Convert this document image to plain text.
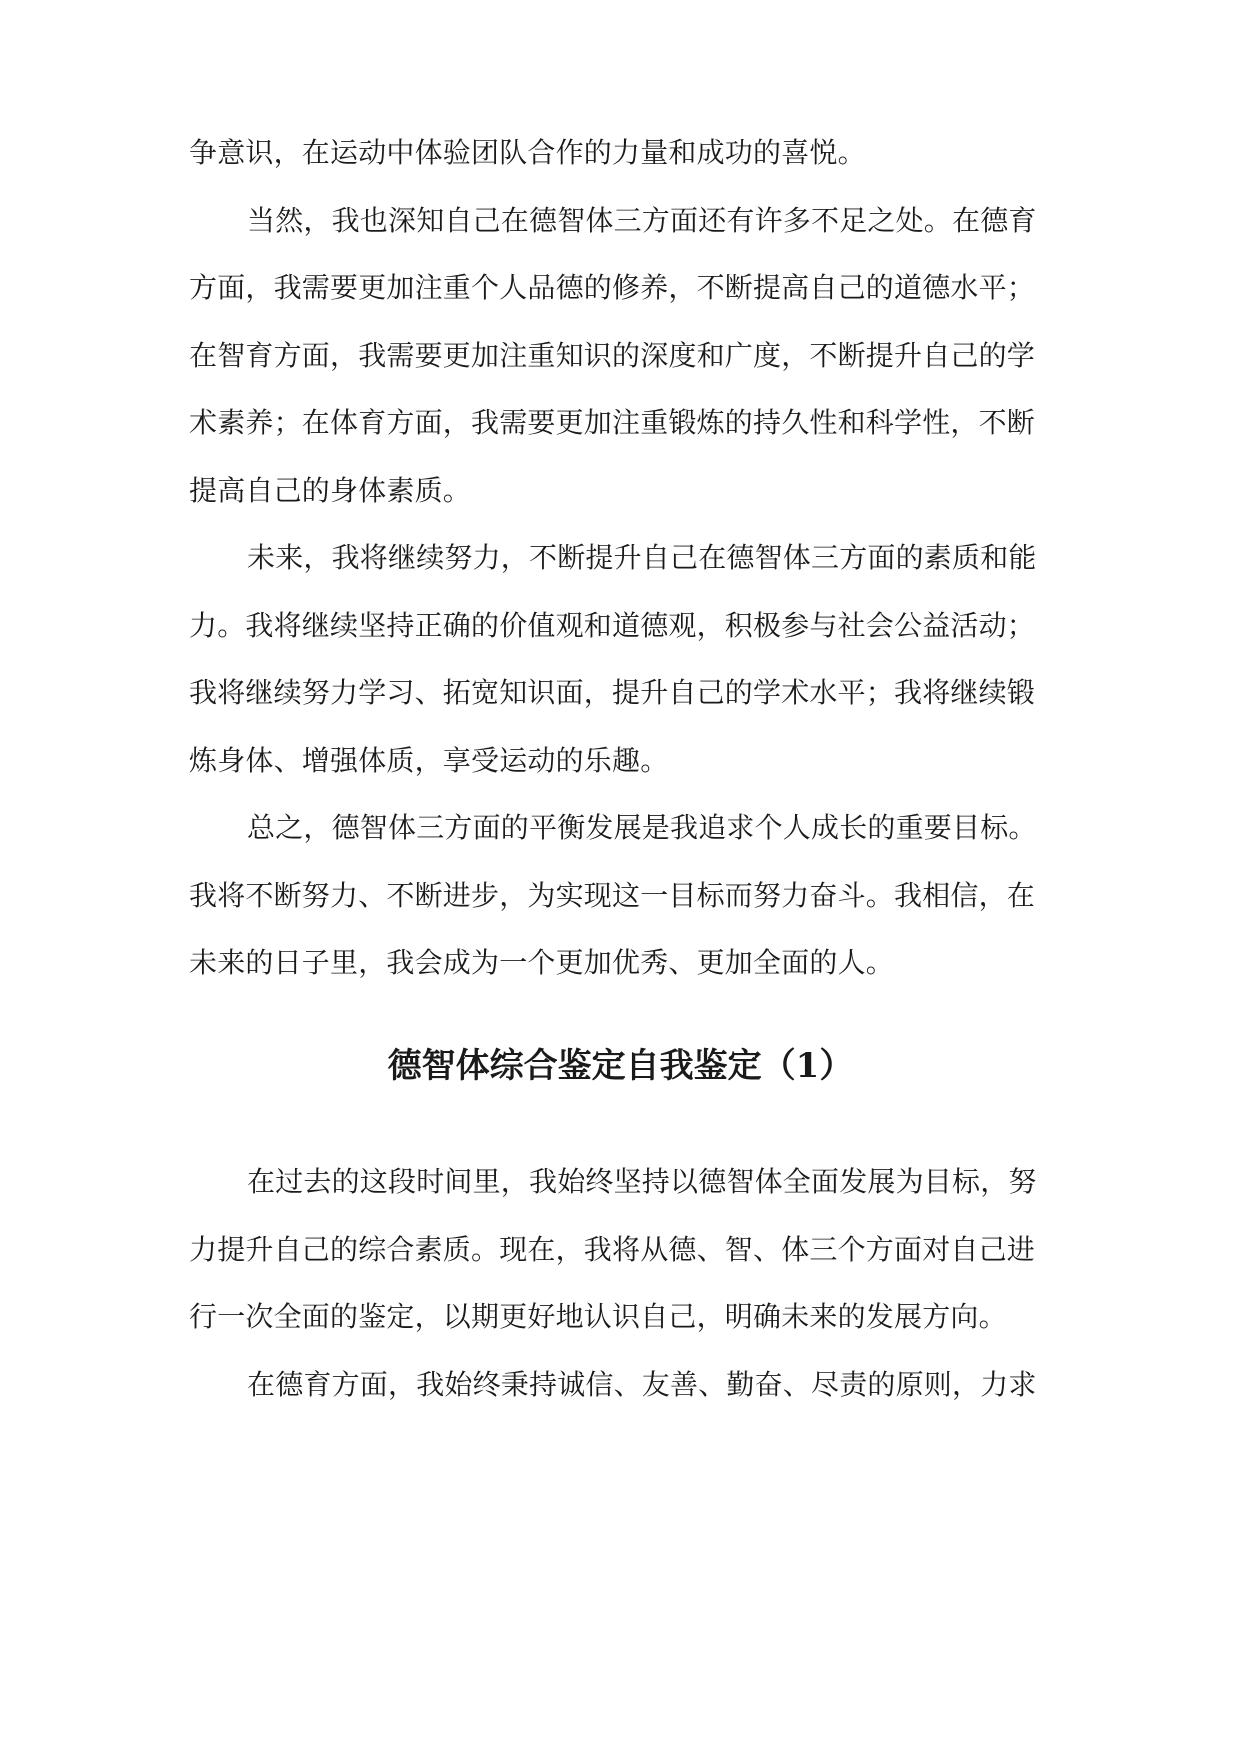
争意识，在运动中体验团队合作的力量和成功的喜悦。
当然，我也深知自己在德智体三方面还有许多不足之处。在德育
方面，我需要更加注重个人品德的修养，不断提高自己的道德水平；
在智育方面，我需要更加注重知识的深度和广度，不断提升自己的学
术素养；在体育方面，我需要更加注重锻炼的持久性和科学性，不断
提高自己的身体素质。
未来，我将继续努力，不断提升自己在德智体三方面的素质和能
力。我将继续坚持正确的价值观和道德观，积极参与社会公益活动；
我将继续努力学习、拓宽知识面，提升自己的学术水平；我将继续锻
炼身体、增强体质，享受运动的乐趣。
总之，德智体三方面的平衡发展是我追求个人成长的重要目标。
我将不断努力、不断进步，为实现这一目标而努力奋斗。我相信，在
未来的日子里，我会成为一个更加优秀、更加全面的人。
德智体综合鉴定自我鉴定（1）
在过去的这段时间里，我始终坚持以德智体全面发展为目标，努
力提升自己的综合素质。现在，我将从德、智、体三个方面对自己进
行一次全面的鉴定，以期更好地认识自己，明确未来的发展方向。
在德育方面，我始终秉持诚信、友善、勤奋、尽责的原则，力求
